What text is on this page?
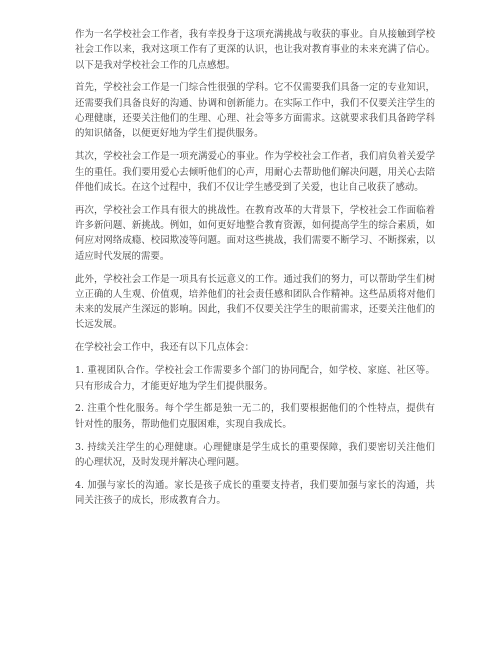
作为一名学校社会工作者，我有幸投身于这项充满挑战与收获的事业。自从接触到学校社会工作以来，我对这项工作有了更深的认识，也让我对教育事业的未来充满了信心。以下是我对学校社会工作的几点感想。

首先，学校社会工作是一门综合性很强的学科。它不仅需要我们具备一定的专业知识，还需要我们具备良好的沟通、协调和创新能力。在实际工作中，我们不仅要关注学生的心理健康，还要关注他们的生理、心理、社会等多方面需求。这就要求我们具备跨学科的知识储备，以便更好地为学生们提供服务。

其次，学校社会工作是一项充满爱心的事业。作为学校社会工作者，我们肩负着关爱学生的重任。我们要用爱心去倾听他们的心声，用耐心去帮助他们解决问题，用关心去陪伴他们成长。在这个过程中，我们不仅让学生感受到了关爱，也让自己收获了感动。

再次，学校社会工作具有很大的挑战性。在教育改革的大背景下，学校社会工作面临着许多新问题、新挑战。例如，如何更好地整合教育资源，如何提高学生的综合素质，如何应对网络成瘾、校园欺凌等问题。面对这些挑战，我们需要不断学习、不断探索，以适应时代发展的需要。

此外，学校社会工作是一项具有长远意义的工作。通过我们的努力，可以帮助学生们树立正确的人生观、价值观，培养他们的社会责任感和团队合作精神。这些品质将对他们未来的发展产生深远的影响。因此，我们不仅要关注学生的眼前需求，还要关注他们的长远发展。

在学校社会工作中，我还有以下几点体会：

1. 重视团队合作。学校社会工作需要多个部门的协同配合，如学校、家庭、社区等。只有形成合力，才能更好地为学生们提供服务。

2. 注重个性化服务。每个学生都是独一无二的，我们要根据他们的个性特点，提供有针对性的服务，帮助他们克服困难，实现自我成长。

3. 持续关注学生的心理健康。心理健康是学生成长的重要保障，我们要密切关注他们的心理状况，及时发现并解决心理问题。

4. 加强与家长的沟通。家长是孩子成长的重要支持者，我们要加强与家长的沟通，共同关注孩子的成长，形成教育合力。
